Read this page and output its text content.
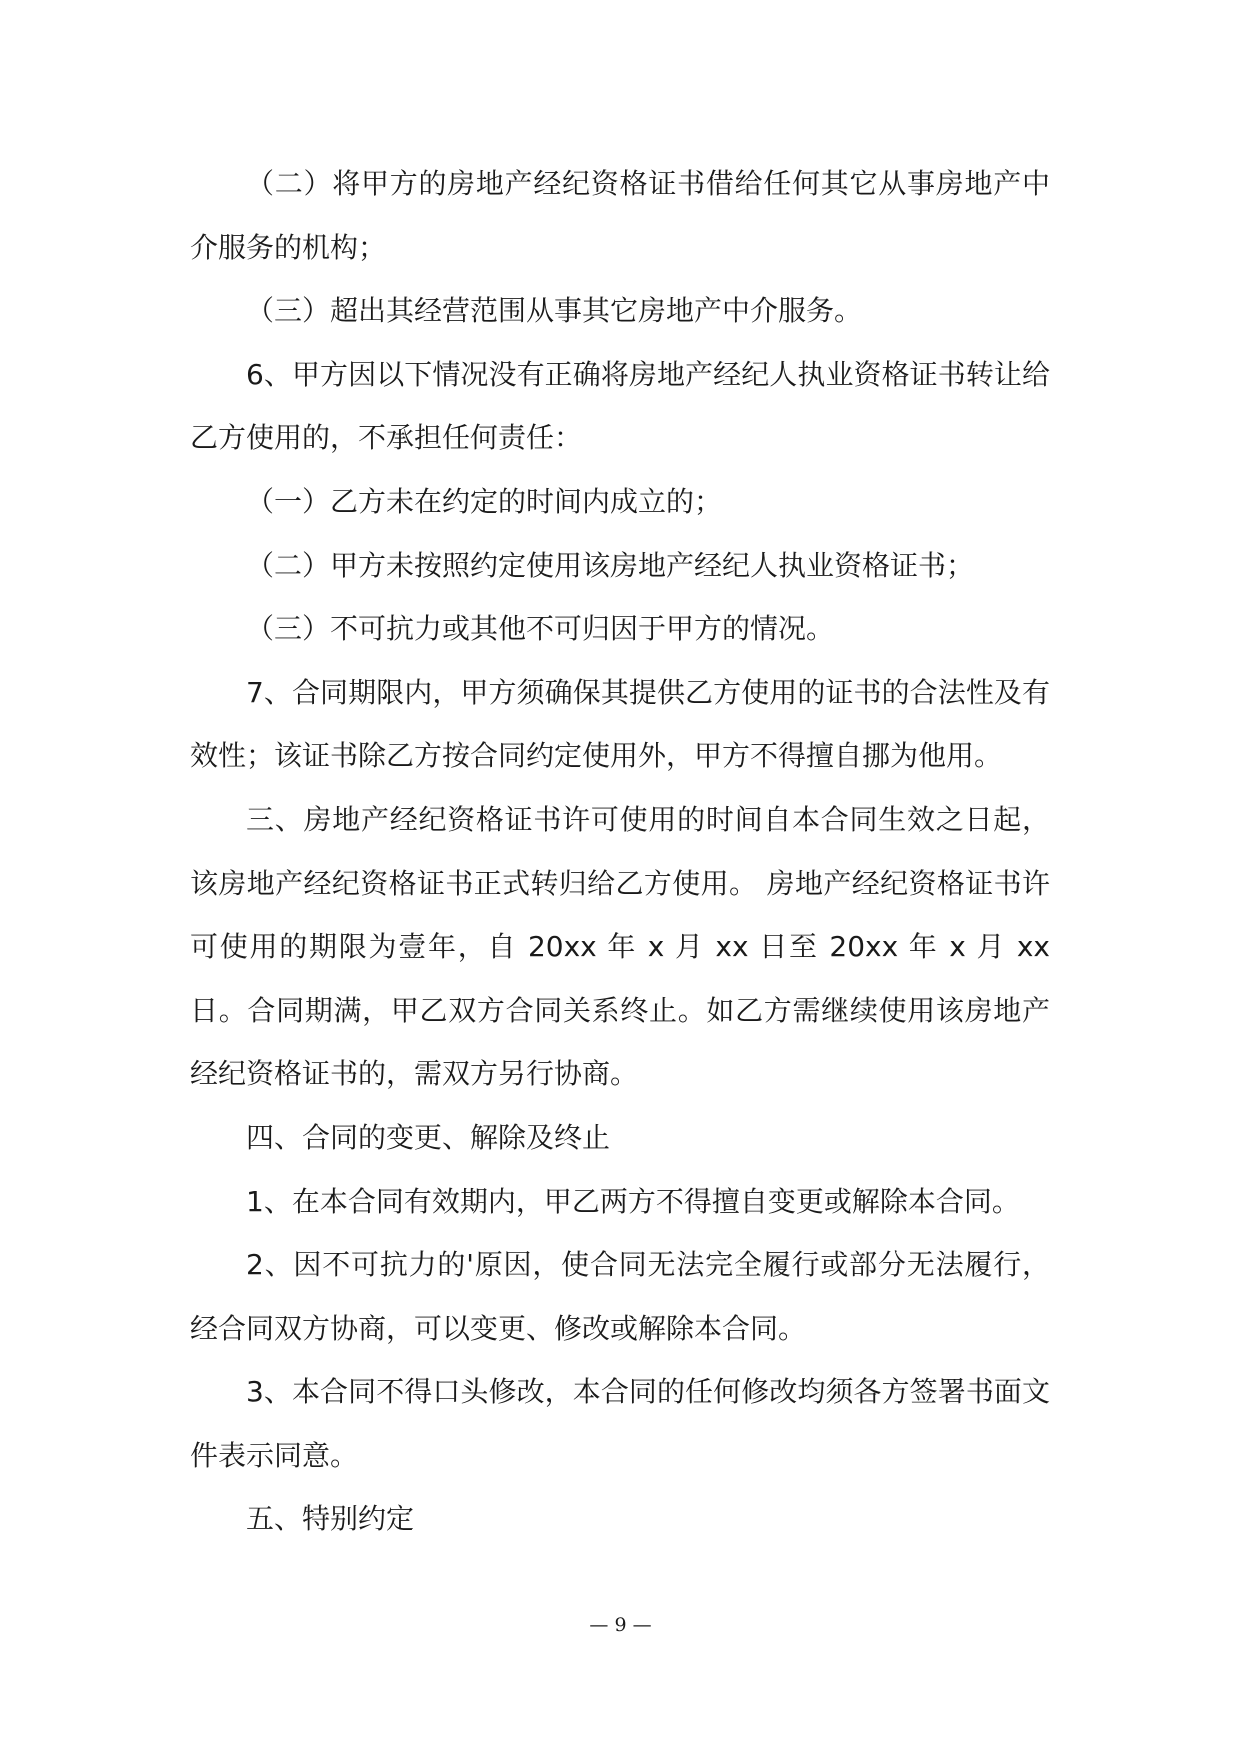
（二）将甲方的房地产经纪资格证书借给任何其它从事房地产中介服务的机构；

（三）超出其经营范围从事其它房地产中介服务。

6、甲方因以下情况没有正确将房地产经纪人执业资格证书转让给乙方使用的，不承担任何责任：

（一）乙方未在约定的时间内成立的；

（二）甲方未按照约定使用该房地产经纪人执业资格证书；

（三）不可抗力或其他不可归因于甲方的情况。

7、合同期限内，甲方须确保其提供乙方使用的证书的合法性及有效性；该证书除乙方按合同约定使用外，甲方不得擅自挪为他用。

三、房地产经纪资格证书许可使用的时间自本合同生效之日起，该房地产经纪资格证书正式转归给乙方使用。 房地产经纪资格证书许可使用的期限为壹年，自 20xx 年 x 月 xx 日至 20xx 年 x 月 xx 日。合同期满，甲乙双方合同关系终止。如乙方需继续使用该房地产经纪资格证书的，需双方另行协商。

四、合同的变更、解除及终止

1、在本合同有效期内，甲乙两方不得擅自变更或解除本合同。

2、因不可抗力的'原因，使合同无法完全履行或部分无法履行，经合同双方协商，可以变更、修改或解除本合同。

3、本合同不得口头修改，本合同的任何修改均须各方签署书面文件表示同意。

五、特别约定

— 9 —
